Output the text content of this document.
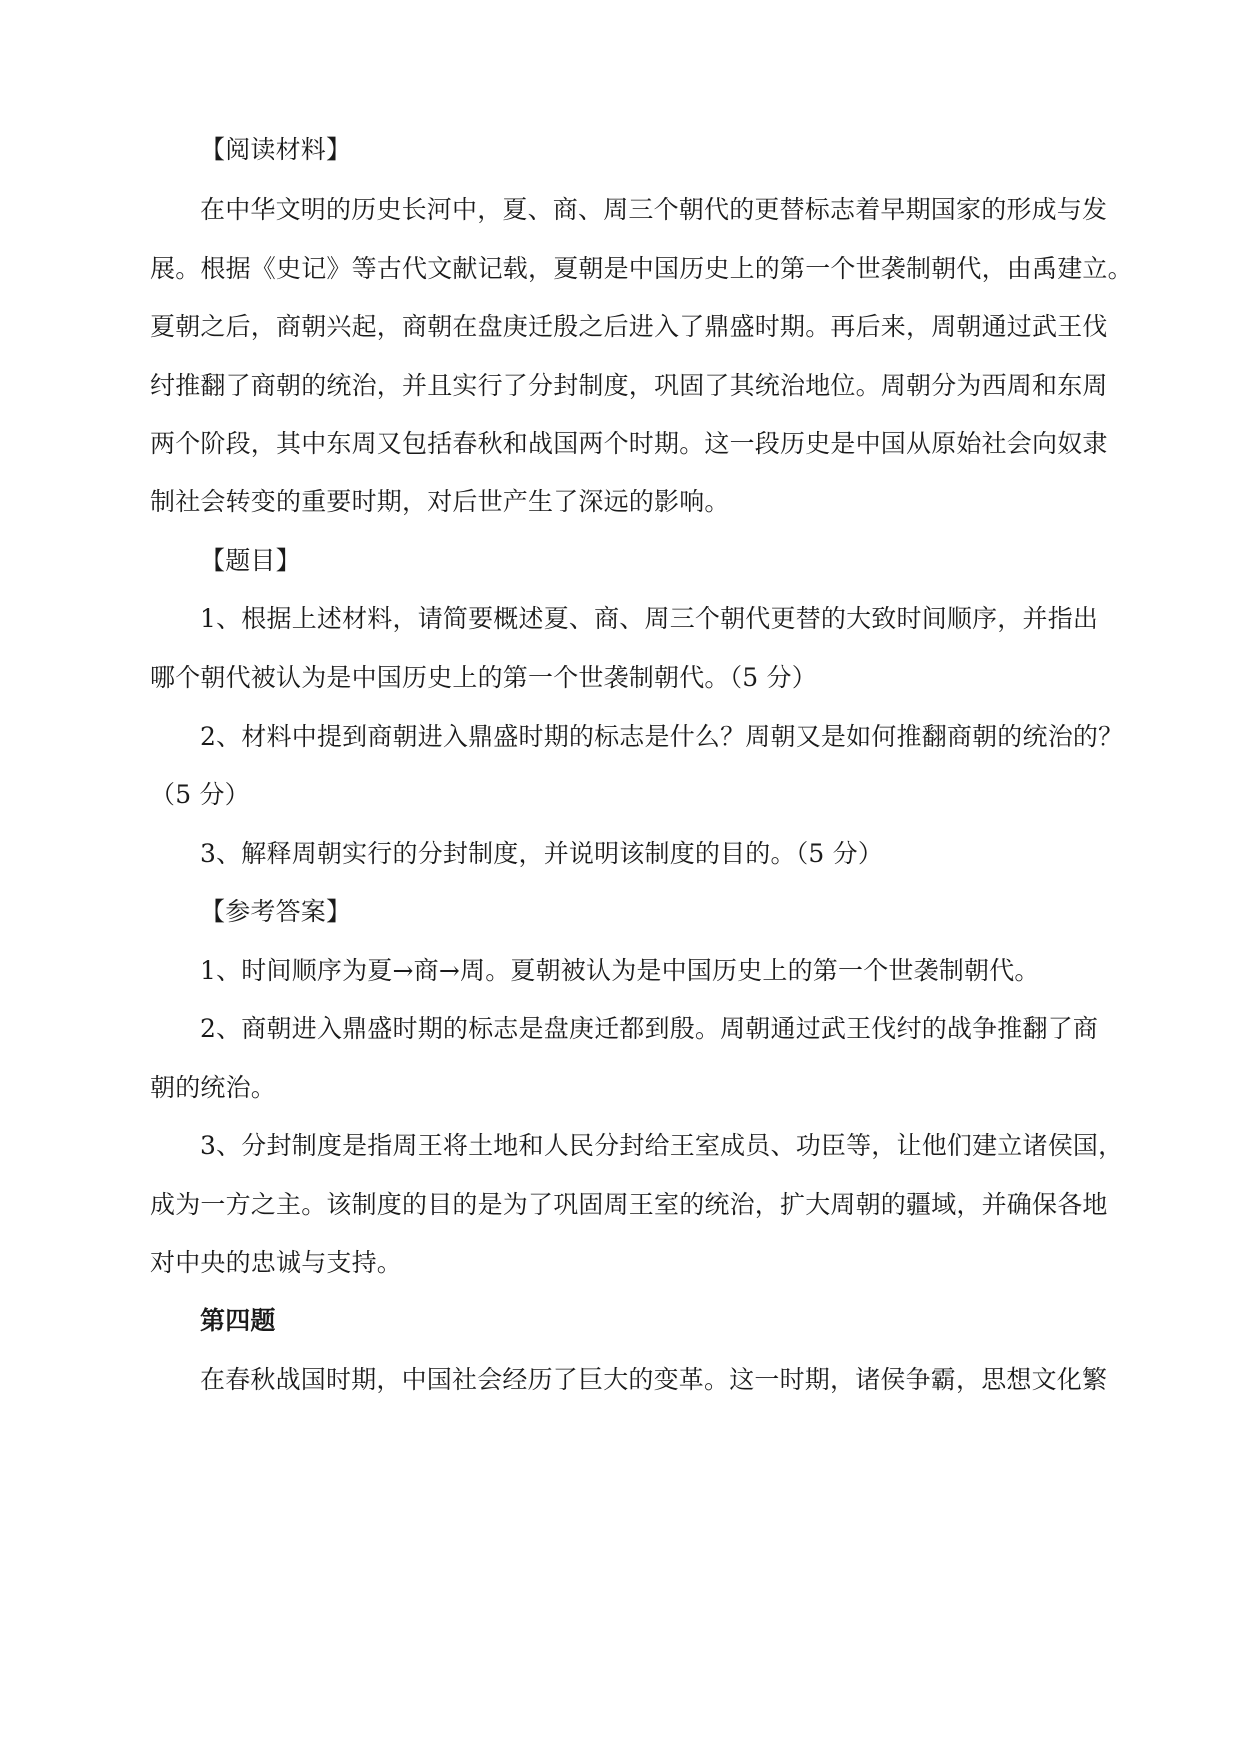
【阅读材料】
在中华文明的历史长河中，夏、商、周三个朝代的更替标志着早期国家的形成与发
展。根据《史记》等古代文献记载，夏朝是中国历史上的第一个世袭制朝代，由禹建立。
夏朝之后，商朝兴起，商朝在盘庚迁殷之后进入了鼎盛时期。再后来，周朝通过武王伐
纣推翻了商朝的统治，并且实行了分封制度，巩固了其统治地位。周朝分为西周和东周
两个阶段，其中东周又包括春秋和战国两个时期。这一段历史是中国从原始社会向奴隶
制社会转变的重要时期，对后世产生了深远的影响。
【题目】
1、根据上述材料，请简要概述夏、商、周三个朝代更替的大致时间顺序，并指出
哪个朝代被认为是中国历史上的第一个世袭制朝代。（5 分）
2、材料中提到商朝进入鼎盛时期的标志是什么？周朝又是如何推翻商朝的统治的？
（5 分）
3、解释周朝实行的分封制度，并说明该制度的目的。（5 分）
【参考答案】
1、时间顺序为夏→商→周。夏朝被认为是中国历史上的第一个世袭制朝代。
2、商朝进入鼎盛时期的标志是盘庚迁都到殷。周朝通过武王伐纣的战争推翻了商
朝的统治。
3、分封制度是指周王将土地和人民分封给王室成员、功臣等，让他们建立诸侯国，
成为一方之主。该制度的目的是为了巩固周王室的统治，扩大周朝的疆域，并确保各地
对中央的忠诚与支持。
第四题
在春秋战国时期，中国社会经历了巨大的变革。这一时期，诸侯争霸，思想文化繁
